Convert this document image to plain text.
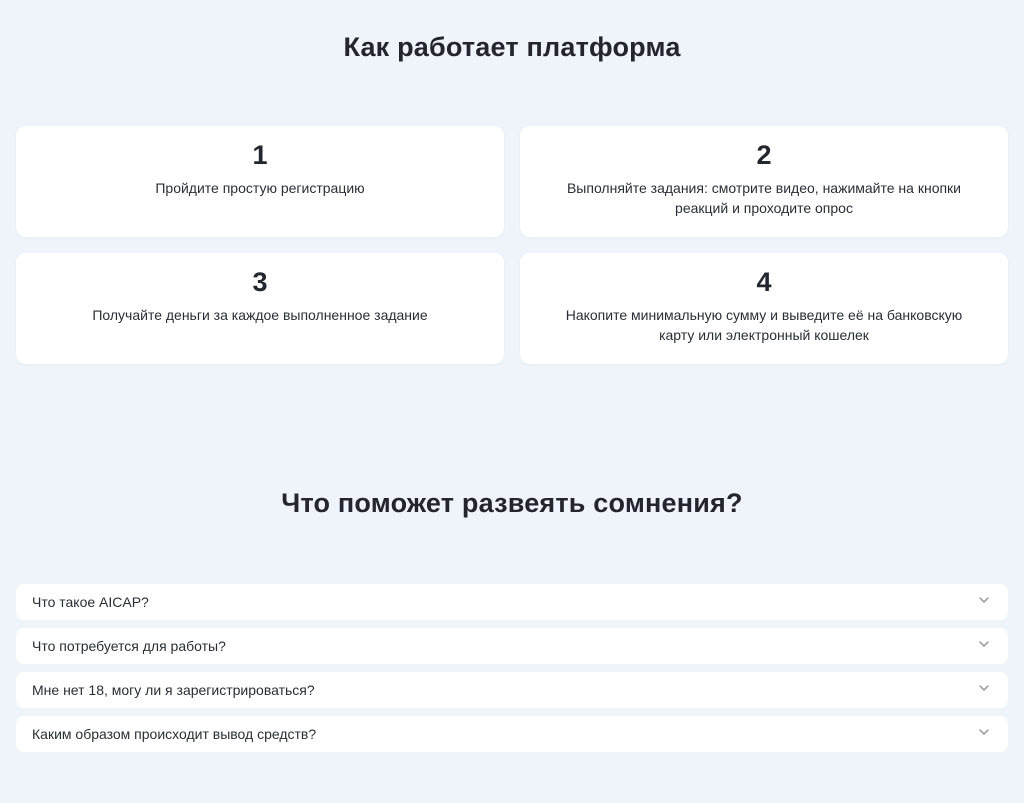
Как работает платформа
1
Пройдите простую регистрацию
2
Выполняйте задания: смотрите видео, нажимайте на кнопки реакций и проходите опрос
3
Получайте деньги за каждое выполненное задание
4
Накопите минимальную сумму и выведите её на банковскую карту или электронный кошелек
Что поможет развеять сомнения?
Что такое AICAP?
Что потребуется для работы?
Мне нет 18, могу ли я зарегистрироваться?
Каким образом происходит вывод средств?
